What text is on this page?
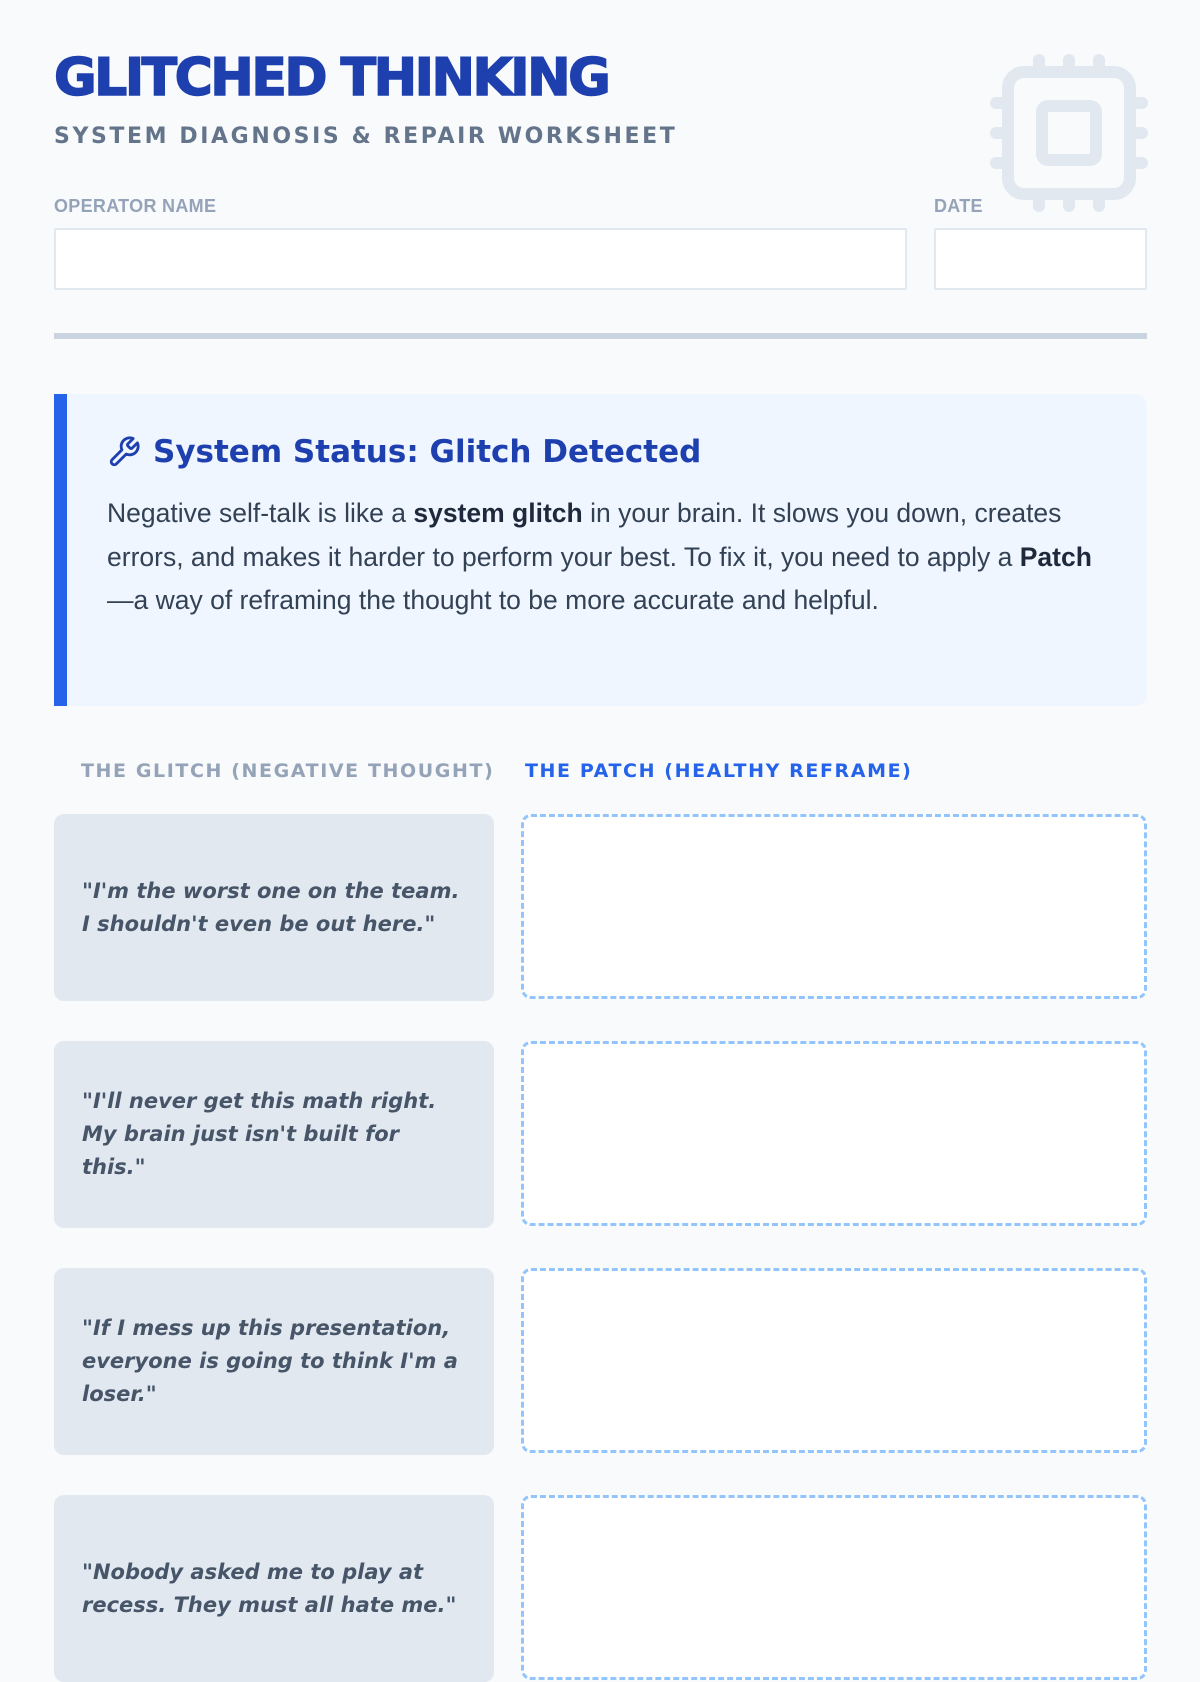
GLITCHED THINKING
SYSTEM DIAGNOSIS & REPAIR WORKSHEET
OPERATOR NAME	DATE
System Status: Glitch Detected

Negative self-talk is like a system glitch in your brain. It slows you down, creates errors, and makes it harder to perform your best. To fix it, you need to apply a Patch—a way of reframing the thought to be more accurate and helpful.

THE GLITCH (NEGATIVE THOUGHT) THE PATCH (HEALTHY REFRAME)

"I'm the worst one on the team. I shouldn't even be out here."

"I'll never get this math right. My brain just isn't built for this."

"If I mess up this presentation, everyone is going to think I'm a loser."

"Nobody asked me to play at recess. They must all hate me."
